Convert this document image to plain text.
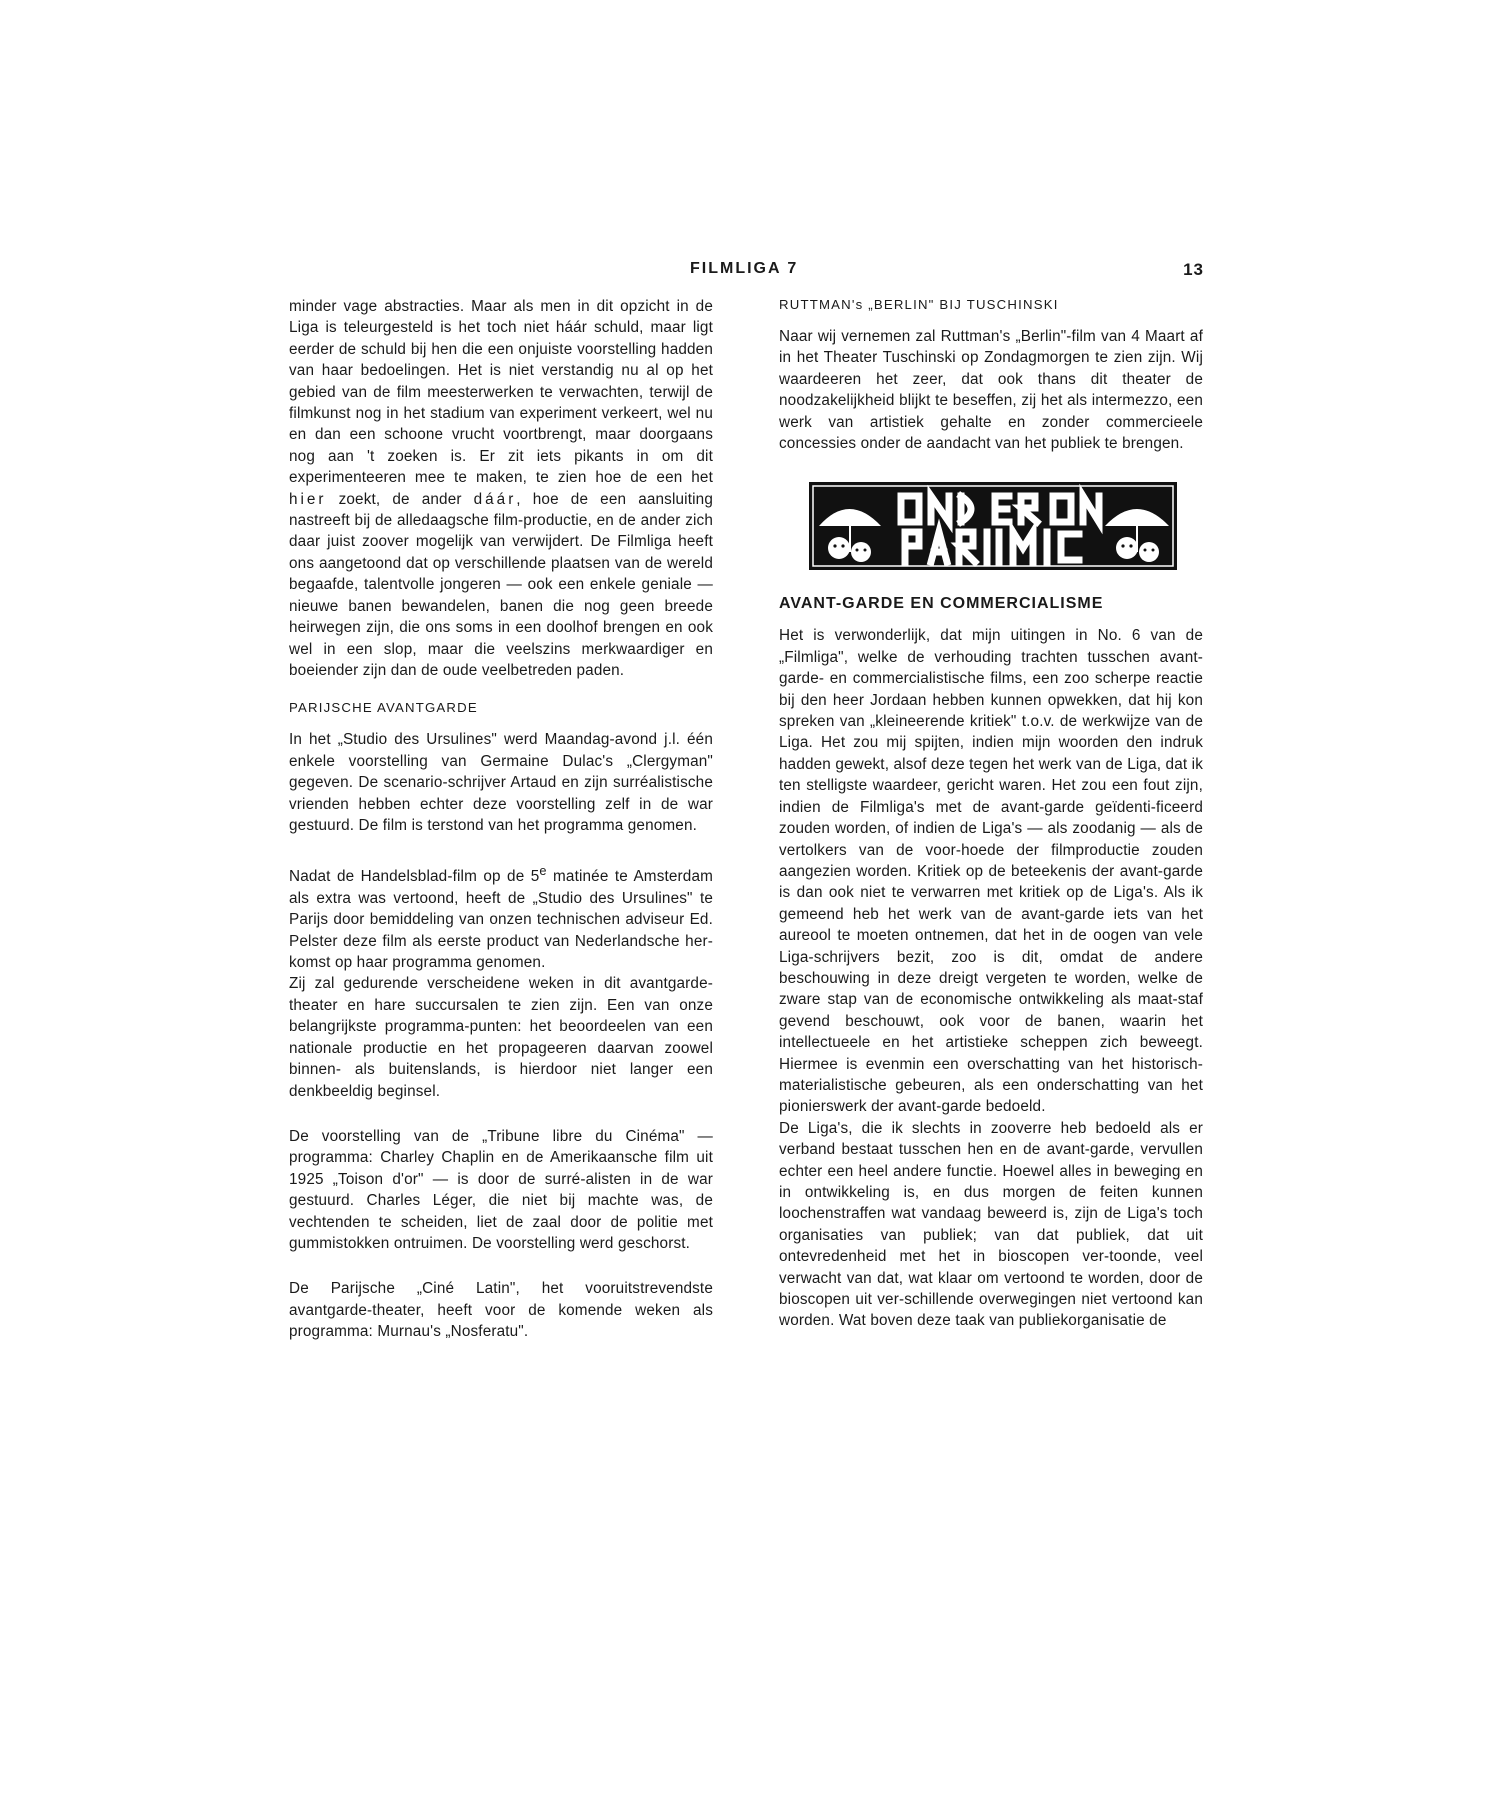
FILMLIGA 7	13

minder vage abstracties. Maar als men in dit opzicht in de Liga is teleurgesteld is het toch niet háár schuld, maar ligt eerder de schuld bij hen die een onjuiste voorstelling hadden van haar bedoelingen. Het is niet verstandig nu al op het gebied van de film meesterwerken te verwachten, terwijl de filmkunst nog in het stadium van experiment verkeert, wel nu en dan een schoone vrucht voortbrengt, maar doorgaans nog aan 't zoeken is. Er zit iets pikants in om dit experimenteeren mee te maken, te zien hoe de een het hier zoekt, de ander dáár, hoe de een aansluiting nastreeft bij de alledaagsche film-productie, en de ander zich daar juist zoover mogelijk van verwijdert. De Filmliga heeft ons aangetoond dat op verschillende plaatsen van de wereld begaafde, talentvolle jongeren — ook een enkele geniale — nieuwe banen bewandelen, banen die nog geen breede heirwegen zijn, die ons soms in een doolhof brengen en ook wel in een slop, maar die veelszins merkwaardiger en boeiender zijn dan de oude veelbetreden paden.

PARIJSCHE AVANTGARDE

In het „Studio des Ursulines" werd Maandag-avond j.l. één enkele voorstelling van Germaine Dulac's „Clergyman" gegeven. De scenario-schrijver Artaud en zijn surréalistische vrienden hebben echter deze voorstelling zelf in de war gestuurd. De film is terstond van het programma genomen.

Nadat de Handelsblad-film op de 5e matinée te Amsterdam als extra was vertoond, heeft de „Studio des Ursulines" te Parijs door bemiddeling van onzen technischen adviseur Ed. Pelster deze film als eerste product van Nederlandsche her-komst op haar programma genomen.

Zij zal gedurende verscheidene weken in dit avantgarde-theater en hare succursalen te zien zijn. Een van onze belangrijkste programma-punten: het beoordeelen van een nationale productie en het propageeren daarvan zoowel binnen- als buitenslands, is hierdoor niet langer een denkbeeldig beginsel.

De voorstelling van de „Tribune libre du Cinéma" — programma: Charley Chaplin en de Amerikaansche film uit 1925 „Toison d'or" — is door de surré-alisten in de war gestuurd. Charles Léger, die niet bij machte was, de vechtenden te scheiden, liet de zaal door de politie met gummistokken ontruimen. De voorstelling werd geschorst.

De Parijsche „Ciné Latin", het vooruitstrevendste avantgarde-theater, heeft voor de komende weken als programma: Murnau's „Nosferatu".

RUTTMAN's „BERLIN" BIJ TUSCHINSKI

Naar wij vernemen zal Ruttman's „Berlin"-film van 4 Maart af in het Theater Tuschinski op Zondagmorgen te zien zijn. Wij waardeeren het zeer, dat ook thans dit theater de noodzakelijkheid blijkt te beseffen, zij het als intermezzo, een werk van artistiek gehalte en zonder commercieele concessies onder de aandacht van het publiek te brengen.

AVANT-GARDE EN COMMERCIALISME

Het is verwonderlijk, dat mijn uitingen in No. 6 van de „Filmliga", welke de verhouding trachten tusschen avant-garde- en commercialistische films, een zoo scherpe reactie bij den heer Jordaan hebben kunnen opwekken, dat hij kon spreken van „kleineerende kritiek" t.o.v. de werkwijze van de Liga. Het zou mij spijten, indien mijn woorden den indruk hadden gewekt, alsof deze tegen het werk van de Liga, dat ik ten stelligste waardeer, gericht waren. Het zou een fout zijn, indien de Filmliga's met de avant-garde geïdenti-ficeerd zouden worden, of indien de Liga's — als zoodanig — als de vertolkers van de voor-hoede der filmproductie zouden aangezien worden. Kritiek op de beteekenis der avant-garde is dan ook niet te verwarren met kritiek op de Liga's. Als ik gemeend heb het werk van de avant-garde iets van het aureool te moeten ontnemen, dat het in de oogen van vele Liga-schrijvers bezit, zoo is dit, omdat de andere beschouwing in deze dreigt vergeten te worden, welke de zware stap van de economische ontwikkeling als maat-staf gevend beschouwt, ook voor de banen, waarin het intellectueele en het artistieke scheppen zich beweegt. Hiermee is evenmin een overschatting van het historisch-materialistische gebeuren, als een onderschatting van het pionierswerk der avant-garde bedoeld.

De Liga's, die ik slechts in zooverre heb bedoeld als er verband bestaat tusschen hen en de avant-garde, vervullen echter een heel andere functie. Hoewel alles in beweging en in ontwikkeling is, en dus morgen de feiten kunnen loochenstraffen wat vandaag beweerd is, zijn de Liga's toch organisaties van publiek; van dat publiek, dat uit ontevredenheid met het in bioscopen ver-toonde, veel verwacht van dat, wat klaar om vertoond te worden, door de bioscopen uit ver-schillende overwegingen niet vertoond kan worden. Wat boven deze taak van publiekorganisatie de
